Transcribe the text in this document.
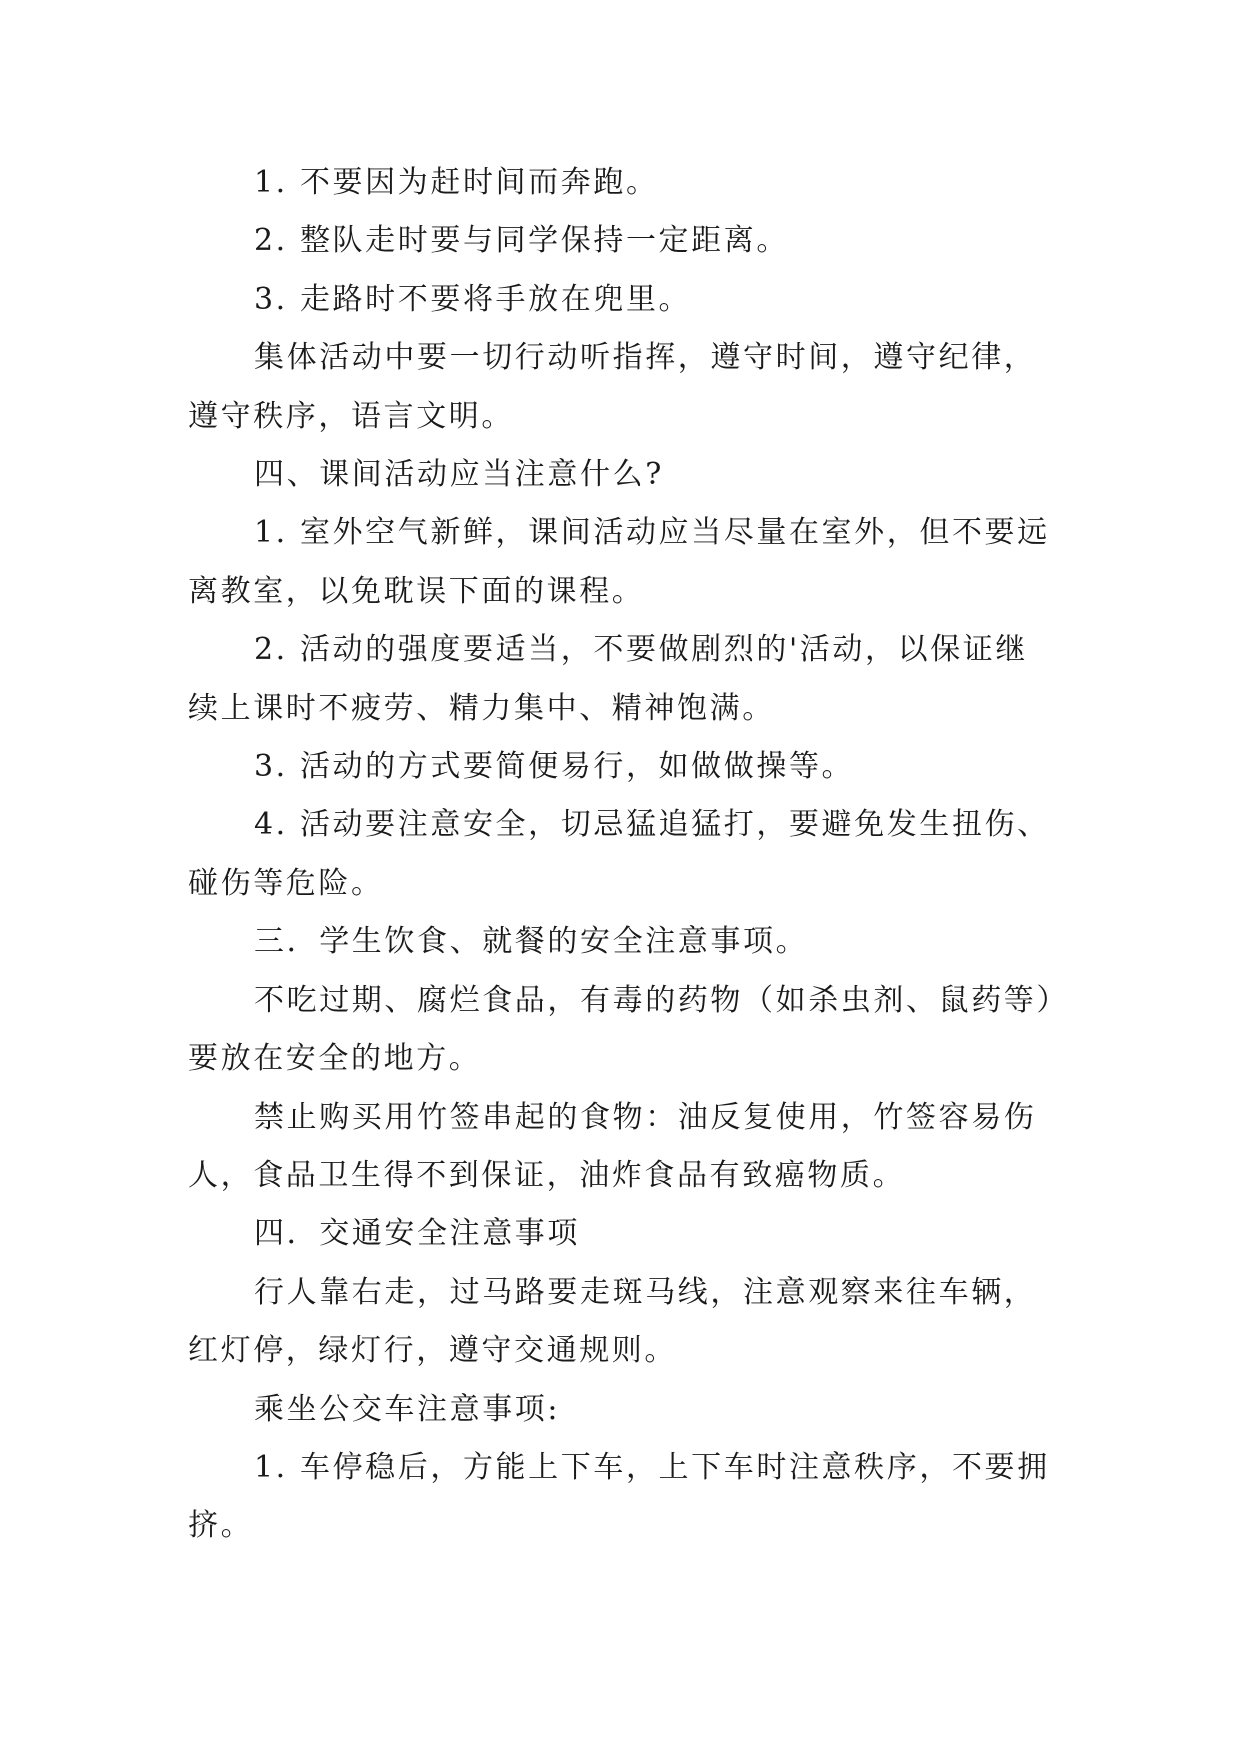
1. 不要因为赶时间而奔跑。

2. 整队走时要与同学保持一定距离。

3. 走路时不要将手放在兜里。

集体活动中要一切行动听指挥，遵守时间，遵守纪律，遵守秩序，语言文明。

四、课间活动应当注意什么?

1. 室外空气新鲜，课间活动应当尽量在室外，但不要远离教室，以免耽误下面的课程。

2. 活动的强度要适当，不要做剧烈的'活动，以保证继续上课时不疲劳、精力集中、精神饱满。

3. 活动的方式要简便易行，如做做操等。

4. 活动要注意安全，切忌猛追猛打，要避免发生扭伤、碰伤等危险。

三．学生饮食、就餐的安全注意事项。

不吃过期、腐烂食品，有毒的药物（如杀虫剂、鼠药等）要放在安全的地方。

禁止购买用竹签串起的食物：油反复使用，竹签容易伤人，食品卫生得不到保证，油炸食品有致癌物质。

四．交通安全注意事项

行人靠右走，过马路要走斑马线，注意观察来往车辆，红灯停，绿灯行，遵守交通规则。

乘坐公交车注意事项:

1. 车停稳后，方能上下车，上下车时注意秩序，不要拥挤。
